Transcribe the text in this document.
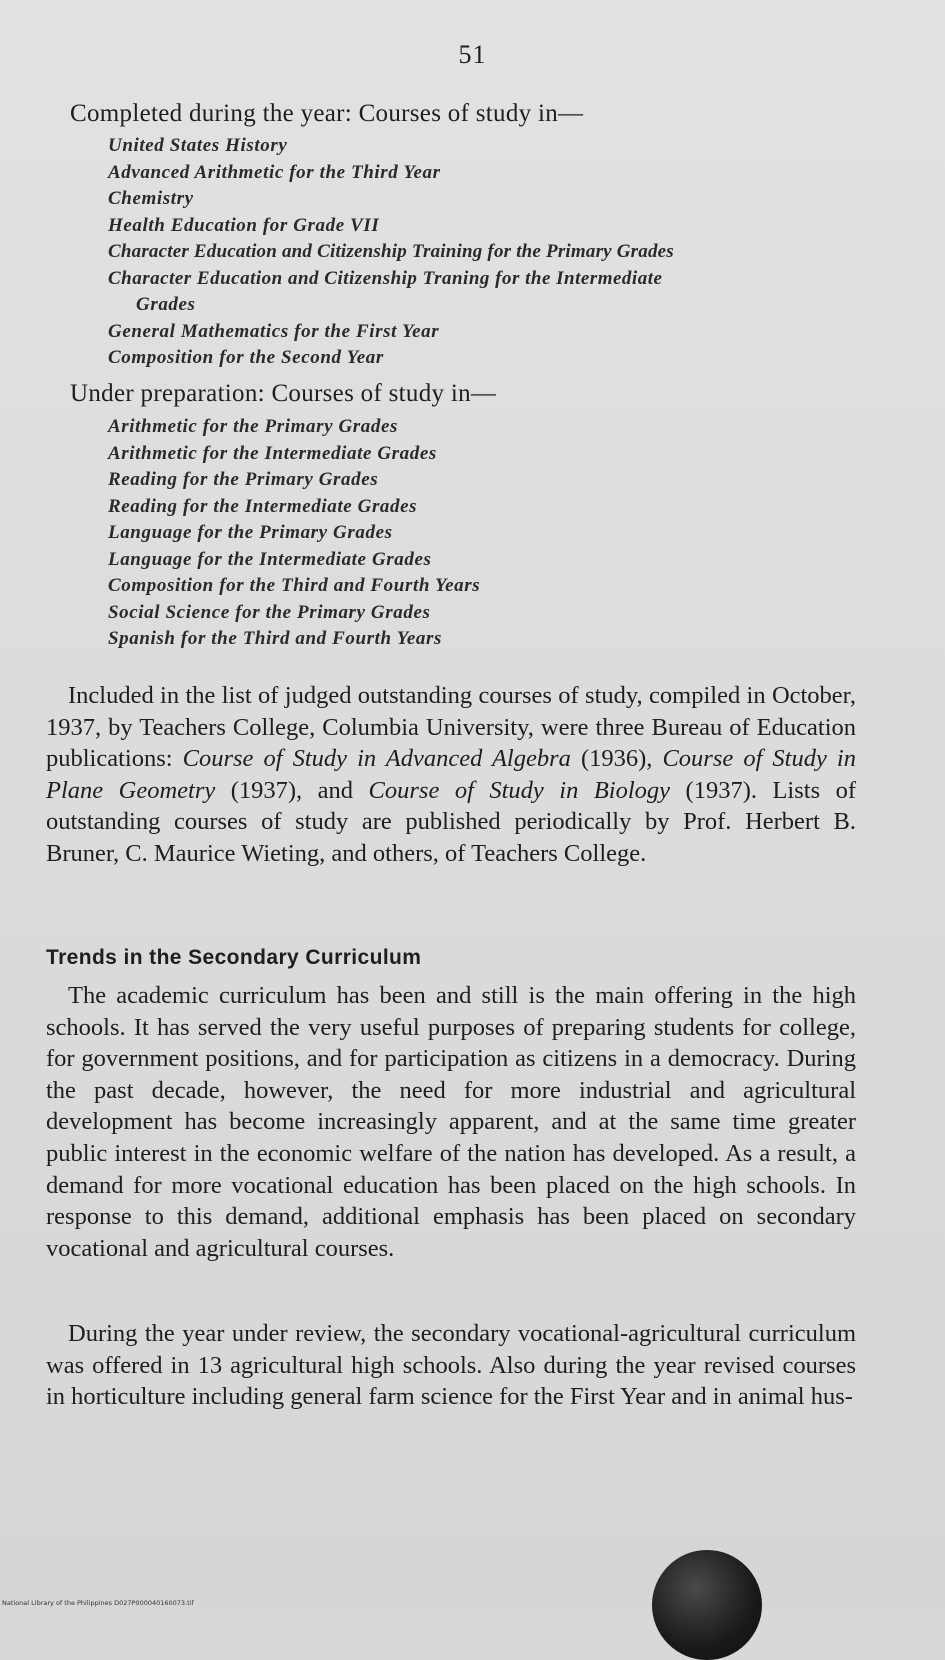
51
Completed during the year: Courses of study in—
United States History
Advanced Arithmetic for the Third Year
Chemistry
Health Education for Grade VII
Character Education and Citizenship Training for the Primary Grades
Character Education and Citizenship Traning for the Intermediate
Grades
General Mathematics for the First Year
Composition for the Second Year
Under preparation: Courses of study in—
Arithmetic for the Primary Grades
Arithmetic for the Intermediate Grades
Reading for the Primary Grades
Reading for the Intermediate Grades
Language for the Primary Grades
Language for the Intermediate Grades
Composition for the Third and Fourth Years
Social Science for the Primary Grades
Spanish for the Third and Fourth Years

Included in the list of judged outstanding courses of study, compiled in October, 1937, by Teachers College, Columbia University, were three Bureau of Education publications: Course of Study in Advanced Algebra (1936), Course of Study in Plane Geometry (1937), and Course of Study in Biology (1937). Lists of outstanding courses of study are published periodically by Prof. Herbert B. Bruner, C. Maurice Wieting, and others, of Teachers College.

Trends in the Secondary Curriculum

The academic curriculum has been and still is the main offering in the high schools. It has served the very useful purposes of preparing students for college, for government positions, and for participation as citizens in a democracy. During the past decade, however, the need for more industrial and agricultural development has become increasingly apparent, and at the same time greater public interest in the economic welfare of the nation has developed. As a result, a demand for more vocational education has been placed on the high schools. In response to this demand, additional emphasis has been placed on secondary vocational and agricultural courses.

During the year under review, the secondary vocational-agricultural curriculum was offered in 13 agricultural high schools. Also during the year revised courses in horticulture including general farm science for the First Year and in animal hus-

National Library of the Philippines D027P000040160073.tif
